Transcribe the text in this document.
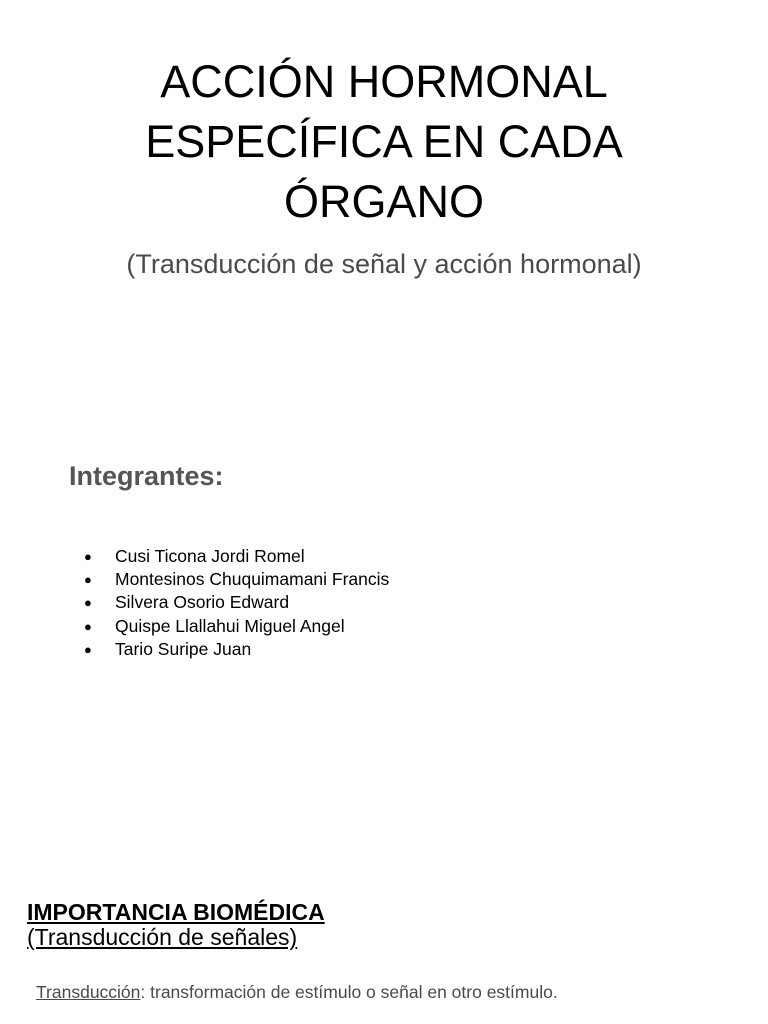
ACCIÓN HORMONAL
ESPECÍFICA EN CADA
ÓRGANO

(Transducción de señal y acción hormonal)

Integrantes:
● Cusi Ticona Jordi Romel
● Montesinos Chuquimamani Francis
● Silvera Osorio Edward
● Quispe Llallahui Miguel Angel
● Tario Suripe Juan
IMPORTANCIA BIOMÉDICA

(Transducción de señales)

Transducción: transformación de estímulo o señal en otro estímulo.
